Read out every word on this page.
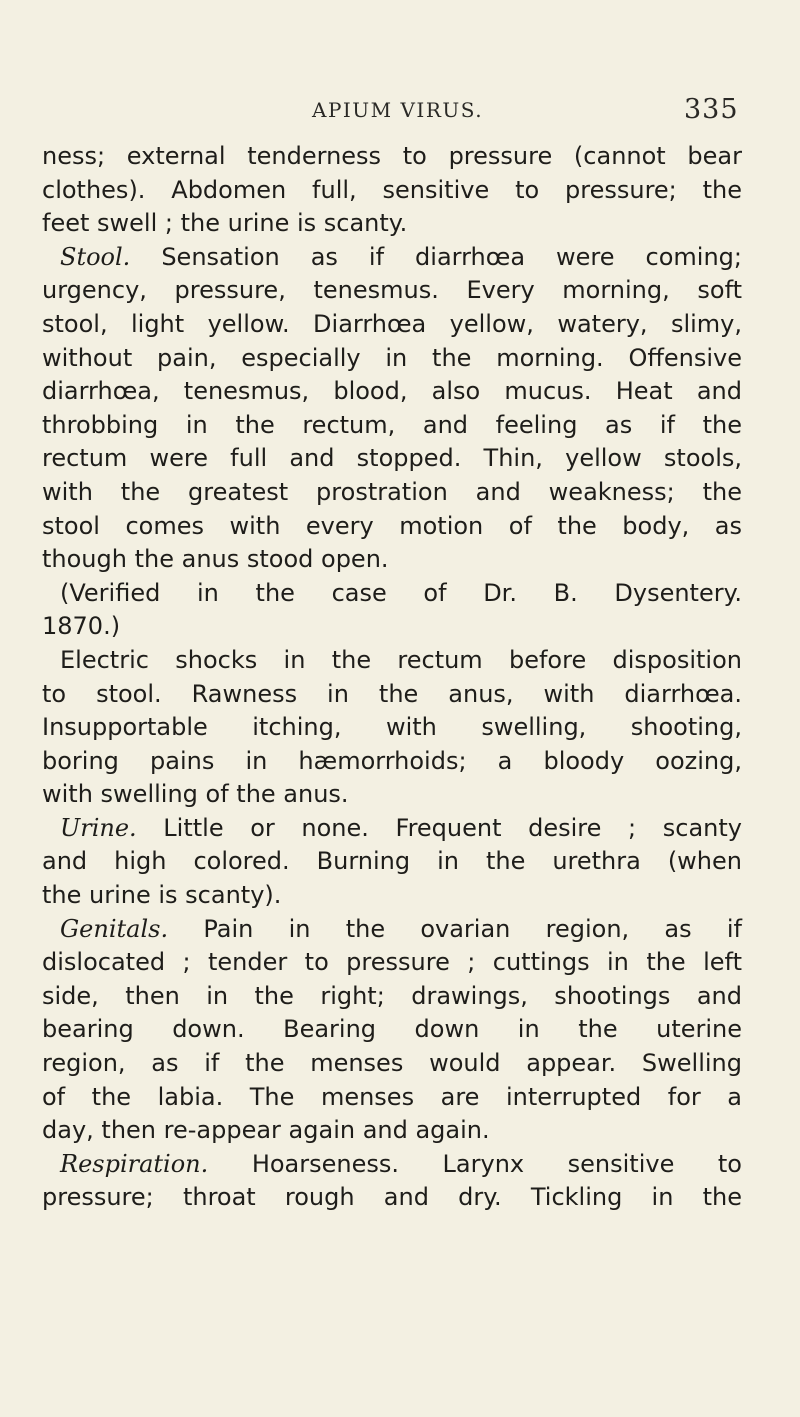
APIUM VIRUS.	335
ness; external tenderness to pressure (cannot bear
clothes). Abdomen full, sensitive to pressure; the
feet swell ; the urine is scanty.
Stool. Sensation as if diarrhœa were coming;
urgency, pressure, tenesmus. Every morning, soft
stool, light yellow. Diarrhœa yellow, watery, slimy,
without pain, especially in the morning. Offensive
diarrhœa, tenesmus, blood, also mucus. Heat and
throbbing in the rectum, and feeling as if the
rectum were full and stopped. Thin, yellow stools,
with the greatest prostration and weakness; the
stool comes with every motion of the body, as
though the anus stood open.
(Verified in the case of Dr. B. Dysentery.
1870.)
Electric shocks in the rectum before disposition
to stool. Rawness in the anus, with diarrhœa.
Insupportable itching, with swelling, shooting,
boring pains in hæmorrhoids; a bloody oozing,
with swelling of the anus.
Urine. Little or none. Frequent desire ; scanty
and high colored. Burning in the urethra (when
the urine is scanty).
Genitals. Pain in the ovarian region, as if
dislocated ; tender to pressure ; cuttings in the left
side, then in the right; drawings, shootings and
bearing down. Bearing down in the uterine
region, as if the menses would appear. Swelling
of the labia. The menses are interrupted for a
day, then re-appear again and again.
Respiration. Hoarseness. Larynx sensitive to
pressure; throat rough and dry. Tickling in the
